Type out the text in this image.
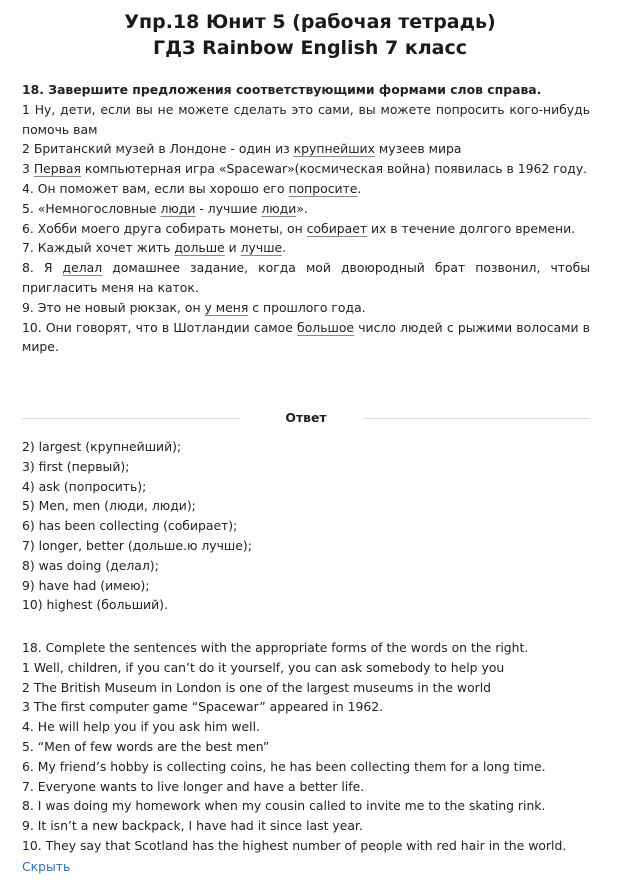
Упр.18 Юнит 5 (рабочая тетрадь)
ГДЗ Rainbow English 7 класс

18. Завершите предложения соответствующими формами слов справа.

1 Ну, дети, если вы не можете сделать это сами, вы можете попросить кого-нибудь помочь вам

2 Британский музей в Лондоне - один из крупнейших музеев мира

3 Первая компьютерная игра «Spacewar»(космическая война) появилась в 1962 году.

4. Он поможет вам, если вы хорошо его попросите.

5. «Немногословные люди - лучшие люди».

6. Хобби моего друга собирать монеты, он собирает их в течение долгого времени.

7. Каждый хочет жить дольше и лучше.

8. Я делал домашнее задание, когда мой двоюродный брат позвонил, чтобы пригласить меня на каток.

9. Это не новый рюкзак, он у меня с прошлого года.

10. Они говорят, что в Шотландии самое большое число людей с рыжими волосами в мире.

Ответ
2) largest (крупнейший);
3) first (первый);
4) ask (попросить);
5) Men, men (люди, люди);
6) has been collecting (собирает);
7) longer, better (дольше.ю лучше);
8) was doing (делал);
9) have had (имею);
10) highest (больший).
18. Complete the sentences with the appropriate forms of the words on the right.
1 Well, children, if you can’t do it yourself, you can ask somebody to help you
2 The British Museum in London is one of the largest museums in the world
3 The first computer game “Spacewar” appeared in 1962.
4. He will help you if you ask him well.
5. “Men of few words are the best men”
6. My friend’s hobby is collecting coins, he has been collecting them for a long time.
7. Everyone wants to live longer and have a better life.
8. I was doing my homework when my cousin called to invite me to the skating rink.
9. It isn’t a new backpack, I have had it since last year.
10. They say that Scotland has the highest number of people with red hair in the world.
Скрыть
